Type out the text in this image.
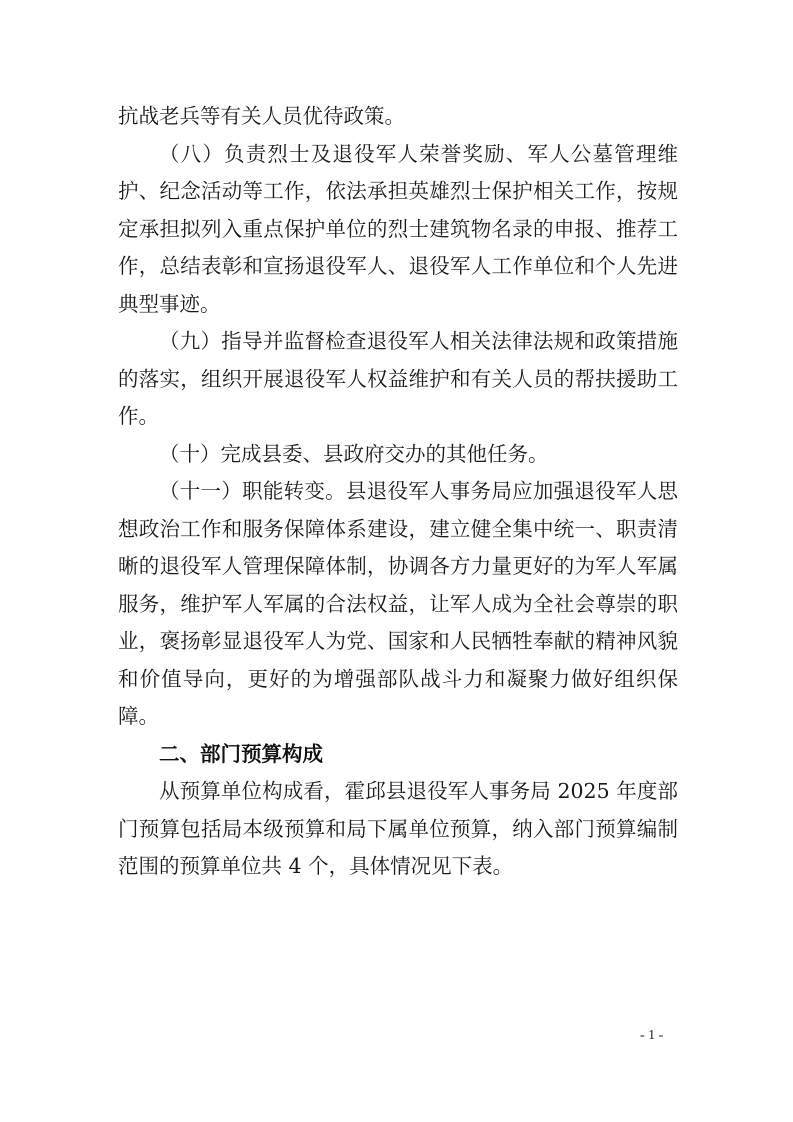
抗战老兵等有关人员优待政策。

（八）负责烈士及退役军人荣誉奖励、军人公墓管理维护、纪念活动等工作，依法承担英雄烈士保护相关工作，按规定承担拟列入重点保护单位的烈士建筑物名录的申报、推荐工作，总结表彰和宣扬退役军人、退役军人工作单位和个人先进典型事迹。

（九）指导并监督检查退役军人相关法律法规和政策措施的落实，组织开展退役军人权益维护和有关人员的帮扶援助工作。

（十）完成县委、县政府交办的其他任务。

（十一）职能转变。县退役军人事务局应加强退役军人思想政治工作和服务保障体系建设，建立健全集中统一、职责清晰的退役军人管理保障体制，协调各方力量更好的为军人军属服务，维护军人军属的合法权益，让军人成为全社会尊崇的职业，褒扬彰显退役军人为党、国家和人民牺牲奉献的精神风貌和价值导向，更好的为增强部队战斗力和凝聚力做好组织保障。

二、部门预算构成

从预算单位构成看，霍邱县退役军人事务局 2025 年度部门预算包括局本级预算和局下属单位预算，纳入部门预算编制范围的预算单位共 4 个，具体情况见下表。

- 1 -
